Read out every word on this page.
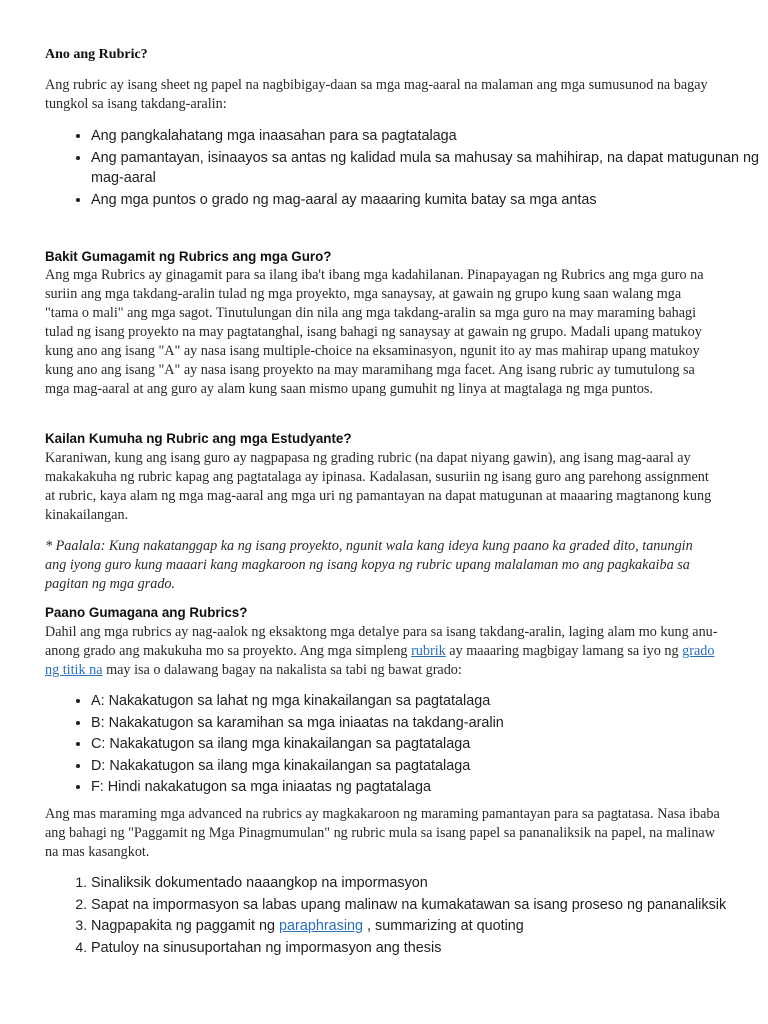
Ano ang Rubric?

Ang rubric ay isang sheet ng papel na nagbibigay-daan sa mga mag-aaral na malaman ang mga sumusunod na bagay tungkol sa isang takdang-aralin:

• Ang pangkalahatang mga inaasahan para sa pagtatalaga
• Ang pamantayan, isinaayos sa antas ng kalidad mula sa mahusay sa mahihirap, na dapat matugunan ng mag-aaral
• Ang mga puntos o grado ng mag-aaral ay maaaring kumita batay sa mga antas
Bakit Gumagamit ng Rubrics ang mga Guro?

Ang mga Rubrics ay ginagamit para sa ilang iba't ibang mga kadahilanan. Pinapayagan ng Rubrics ang mga guro na suriin ang mga takdang-aralin tulad ng mga proyekto, mga sanaysay, at gawain ng grupo kung saan walang mga "tama o mali" ang mga sagot. Tinutulungan din nila ang mga takdang-aralin sa mga guro na may maraming bahagi tulad ng isang proyekto na may pagtatanghal, isang bahagi ng sanaysay at gawain ng grupo. Madali upang matukoy kung ano ang isang "A" ay nasa isang multiple-choice na eksaminasyon, ngunit ito ay mas mahirap upang matukoy kung ano ang isang "A" ay nasa isang proyekto na may maramihang mga facet. Ang isang rubric ay tumutulong sa mga mag-aaral at ang guro ay alam kung saan mismo upang gumuhit ng linya at magtalaga ng mga puntos.

Kailan Kumuha ng Rubric ang mga Estudyante?

Karaniwan, kung ang isang guro ay nagpapasa ng grading rubric (na dapat niyang gawin), ang isang mag-aaral ay makakakuha ng rubric kapag ang pagtatalaga ay ipinasa. Kadalasan, susuriin ng isang guro ang parehong assignment at rubric, kaya alam ng mga mag-aaral ang mga uri ng pamantayan na dapat matugunan at maaaring magtanong kung kinakailangan.

* Paalala: Kung nakatanggap ka ng isang proyekto, ngunit wala kang ideya kung paano ka graded dito, tanungin ang iyong guro kung maaari kang magkaroon ng isang kopya ng rubric upang malalaman mo ang pagkakaiba sa pagitan ng mga grado.

Paano Gumagana ang Rubrics?

Dahil ang mga rubrics ay nag-aalok ng eksaktong mga detalye para sa isang takdang-aralin, laging alam mo kung anu-anong grado ang makukuha mo sa proyekto. Ang mga simpleng rubrik ay maaaring magbigay lamang sa iyo ng grado ng titik na may isa o dalawang bagay na nakalista sa tabi ng bawat grado:

• A: Nakakatugon sa lahat ng mga kinakailangan sa pagtatalaga
• B: Nakakatugon sa karamihan sa mga iniaatas na takdang-aralin
• C: Nakakatugon sa ilang mga kinakailangan sa pagtatalaga
• D: Nakakatugon sa ilang mga kinakailangan sa pagtatalaga
• F: Hindi nakakatugon sa mga iniaatas ng pagtatalaga

Ang mas maraming mga advanced na rubrics ay magkakaroon ng maraming pamantayan para sa pagtatasa. Nasa ibaba ang bahagi ng "Paggamit ng Mga Pinagmumulan" ng rubric mula sa isang papel sa pananaliksik na papel, na malinaw na mas kasangkot.

1. Sinaliksik dokumentado naaangkop na impormasyon
2. Sapat na impormasyon sa labas upang malinaw na kumakatawan sa isang proseso ng pananaliksik
3. Nagpapakita ng paggamit ng paraphrasing , summarizing at quoting
4. Patuloy na sinusuportahan ng impormasyon ang thesis
